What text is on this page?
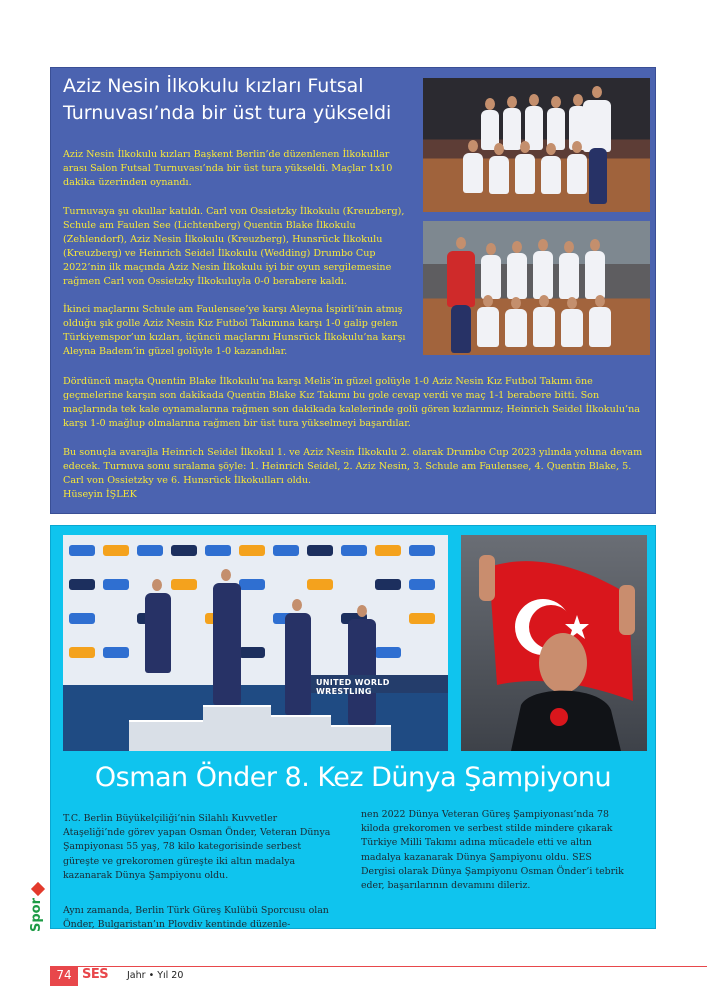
Aziz Nesin İlkokulu kızları Futsal Turnuvası’nda bir üst tura yükseldi

Aziz Nesin İlkokulu kızları Başkent Berlin’de düzenlenen İlkokullar arası Salon Futsal Turnuvası’nda bir üst tura yükseldi. Maçlar 1x10 dakika üzerinden oynandı.

Turnuvaya şu okullar katıldı. Carl von Ossietzky İlkokulu (Kreuzberg), Schule am Faulen See (Lichtenberg) Quentin Blake İlkokulu (Zehlendorf), Aziz Nesin İlkokulu (Kreuzberg), Hunsrück İlkokulu (Kreuzberg) ve Heinrich Seidel İlkokulu (Wedding) Drumbo Cup 2022’nin ilk maçında Aziz Nesin İlkokulu iyi bir oyun sergilemesine rağmen Carl von Ossietzky İlkokuluyla 0-0 berabere kaldı.

İkinci maçlarını Schule am Faulensee’ye karşı Aleyna İspirli’nin atmış olduğu şık golle Aziz Nesin Kız Futbol Takımına karşı 1-0 galip gelen Türkiyemspor’un kızları, üçüncü maçlarını Hunsrück İlkokulu’na karşı Aleyna Badem’in güzel golüyle 1-0 kazandılar.

Dördüncü maçta Quentin Blake İlkokulu’na karşı Melis’in güzel golüyle 1-0 Aziz Nesin Kız Futbol Takımı öne geçmelerine karşın son dakikada Quentin Blake Kız Takımı bu gole cevap verdi ve maç 1-1 berabere bitti. Son maçlarında tek kale oynamalarına rağmen son dakikada kalelerinde golü gören kızlarımız; Heinrich Seidel İlkokulu’na karşı 1-0 mağlup olmalarına rağmen bir üst tura yükselmeyi başardılar.

Bu sonuçla avarajla Heinrich Seidel İlkokul 1. ve Aziz Nesin İlkokulu 2. olarak Drumbo Cup 2023 yılında yoluna devam edecek. Turnuva sonu sıralama şöyle: 1. Heinrich Seidel, 2. Aziz Nesin, 3. Schule am Faulensee, 4. Quentin Blake, 5. Carl von Ossietzky ve 6. Hunsrück İlkokulları oldu.
Hüseyin İŞLEK

UNITED WORLD WRESTLING
Osman Önder 8. Kez Dünya Şampiyonu

T.C. Berlin Büyükelçiliği’nin Silahlı Kuvvetler Ataşeliği’nde görev yapan Osman Önder, Veteran Dünya Şampiyonası 55 yaş, 78 kilo kategorisinde serbest güreşte ve grekoromen güreşte iki altın madalya kazanarak Dünya Şampiyonu oldu.

Aynı zamanda, Berlin Türk Güreş Kulübü Sporcusu olan Önder, Bulgaristan’ın Plovdiv kentinde düzenle-

nen 2022 Dünya Veteran Güreş Şampiyonası’nda 78 kiloda grekoromen ve serbest stilde mindere çıkarak Türkiye Milli Takımı adına mücadele etti ve altın madalya kazanarak Dünya Şampiyonu oldu. SES Dergisi olarak Dünya Şampiyonu Osman Önder’i tebrik eder, başarılarının devamını dileriz.

Spor
74 SES Jahr • Yıl 20
